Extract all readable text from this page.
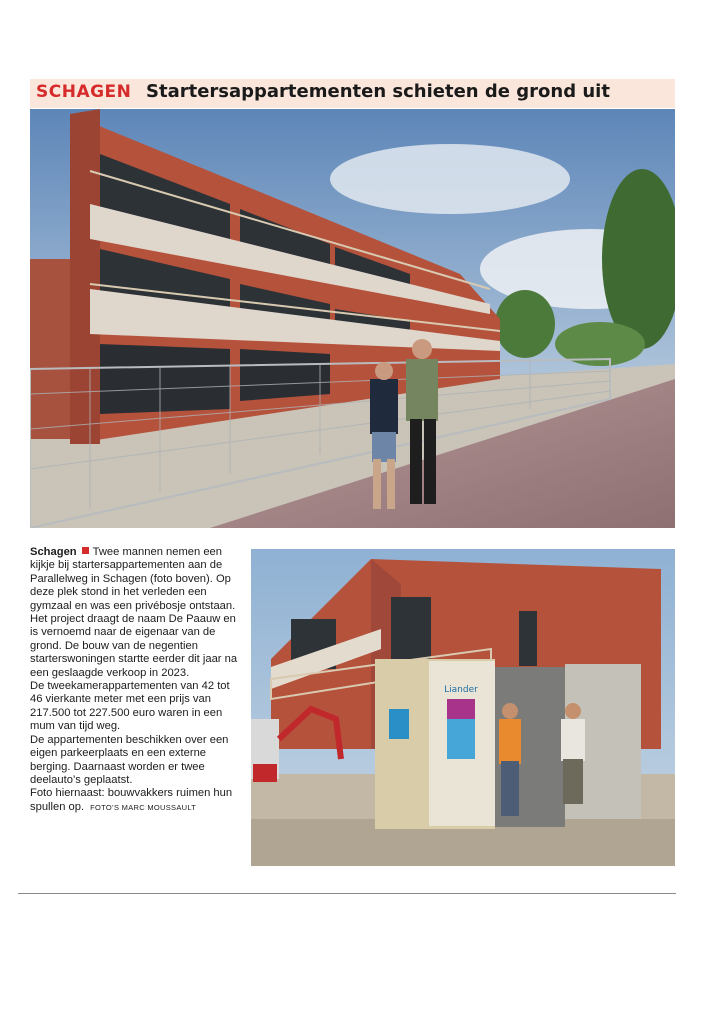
SCHAGEN Startersappartementen schieten de grond uit

Schagen Twee mannen nemen een kijkje bij startersappartementen aan de Parallelweg in Schagen (foto boven). Op deze plek stond in het verleden een gymzaal en was een privébosje ontstaan.

Het project draagt de naam De Paauw en is vernoemd naar de eigenaar van de grond. De bouw van de negentien starterswoningen startte eerder dit jaar na een geslaagde verkoop in 2023.

De tweekamerappartementen van 42 tot 46 vierkante meter met een prijs van 217.500 tot 227.500 euro waren in een mum van tijd weg.

De appartementen beschikken over een eigen parkeerplaats en een externe berging. Daarnaast worden er twee deelauto’s geplaatst.

Foto hiernaast: bouwvakkers ruimen hun spullen op. FOTO’S MARC MOUSSAULT

Liander
